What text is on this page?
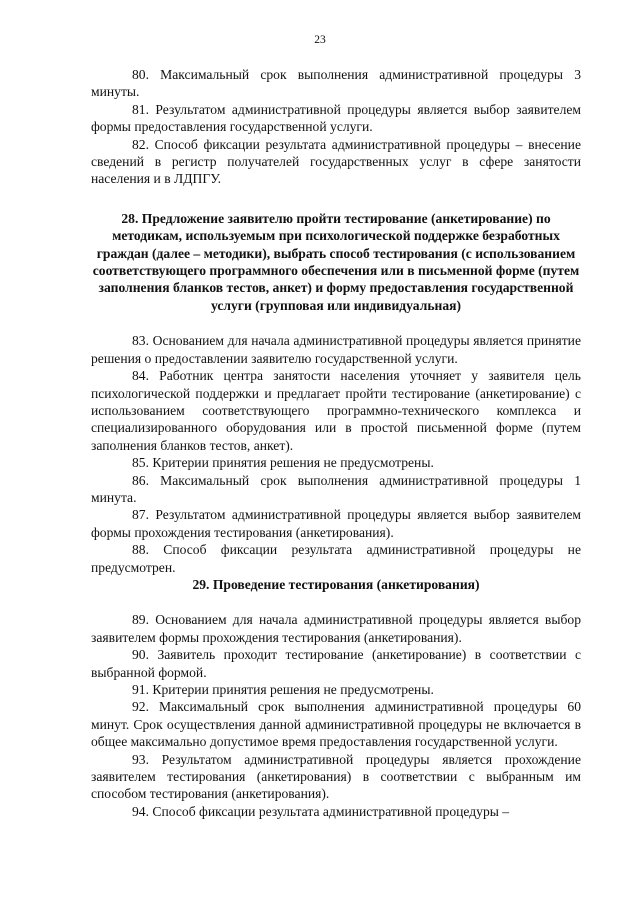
23

80. Максимальный срок выполнения административной процедуры 3 минуты.

81. Результатом административной процедуры является выбор заявителем формы предоставления государственной услуги.

82. Способ фиксации результата административной процедуры – внесение сведений в регистр получателей государственных услуг в сфере занятости населения и в ЛДПГУ.

28. Предложение заявителю пройти тестирование (анкетирование) по методикам, используемым при психологической поддержке безработных граждан (далее – методики), выбрать способ тестирования (с использованием соответствующего программного обеспечения или в письменной форме (путем заполнения бланков тестов, анкет) и форму предоставления государственной услуги (групповая или индивидуальная)

83. Основанием для начала административной процедуры является принятие решения о предоставлении заявителю государственной услуги.

84. Работник центра занятости населения уточняет у заявителя цель психологической поддержки и предлагает пройти тестирование (анкетирование) с использованием соответствующего программно-технического комплекса и специализированного оборудования или в простой письменной форме (путем заполнения бланков тестов, анкет).

85. Критерии принятия решения не предусмотрены.

86. Максимальный срок выполнения административной процедуры 1 минута.

87. Результатом административной процедуры является выбор заявителем формы прохождения тестирования (анкетирования).

88. Способ фиксации результата административной процедуры не предусмотрен.

29. Проведение тестирования (анкетирования)

89. Основанием для начала административной процедуры является выбор заявителем формы прохождения тестирования (анкетирования).

90. Заявитель проходит тестирование (анкетирование) в соответствии с выбранной формой.

91. Критерии принятия решения не предусмотрены.

92. Максимальный срок выполнения административной процедуры 60 минут. Срок осуществления данной административной процедуры не включается в общее максимально допустимое время предоставления государственной услуги.

93. Результатом административной процедуры является прохождение заявителем тестирования (анкетирования) в соответствии с выбранным им способом тестирования (анкетирования).

94. Способ фиксации результата административной процедуры –
